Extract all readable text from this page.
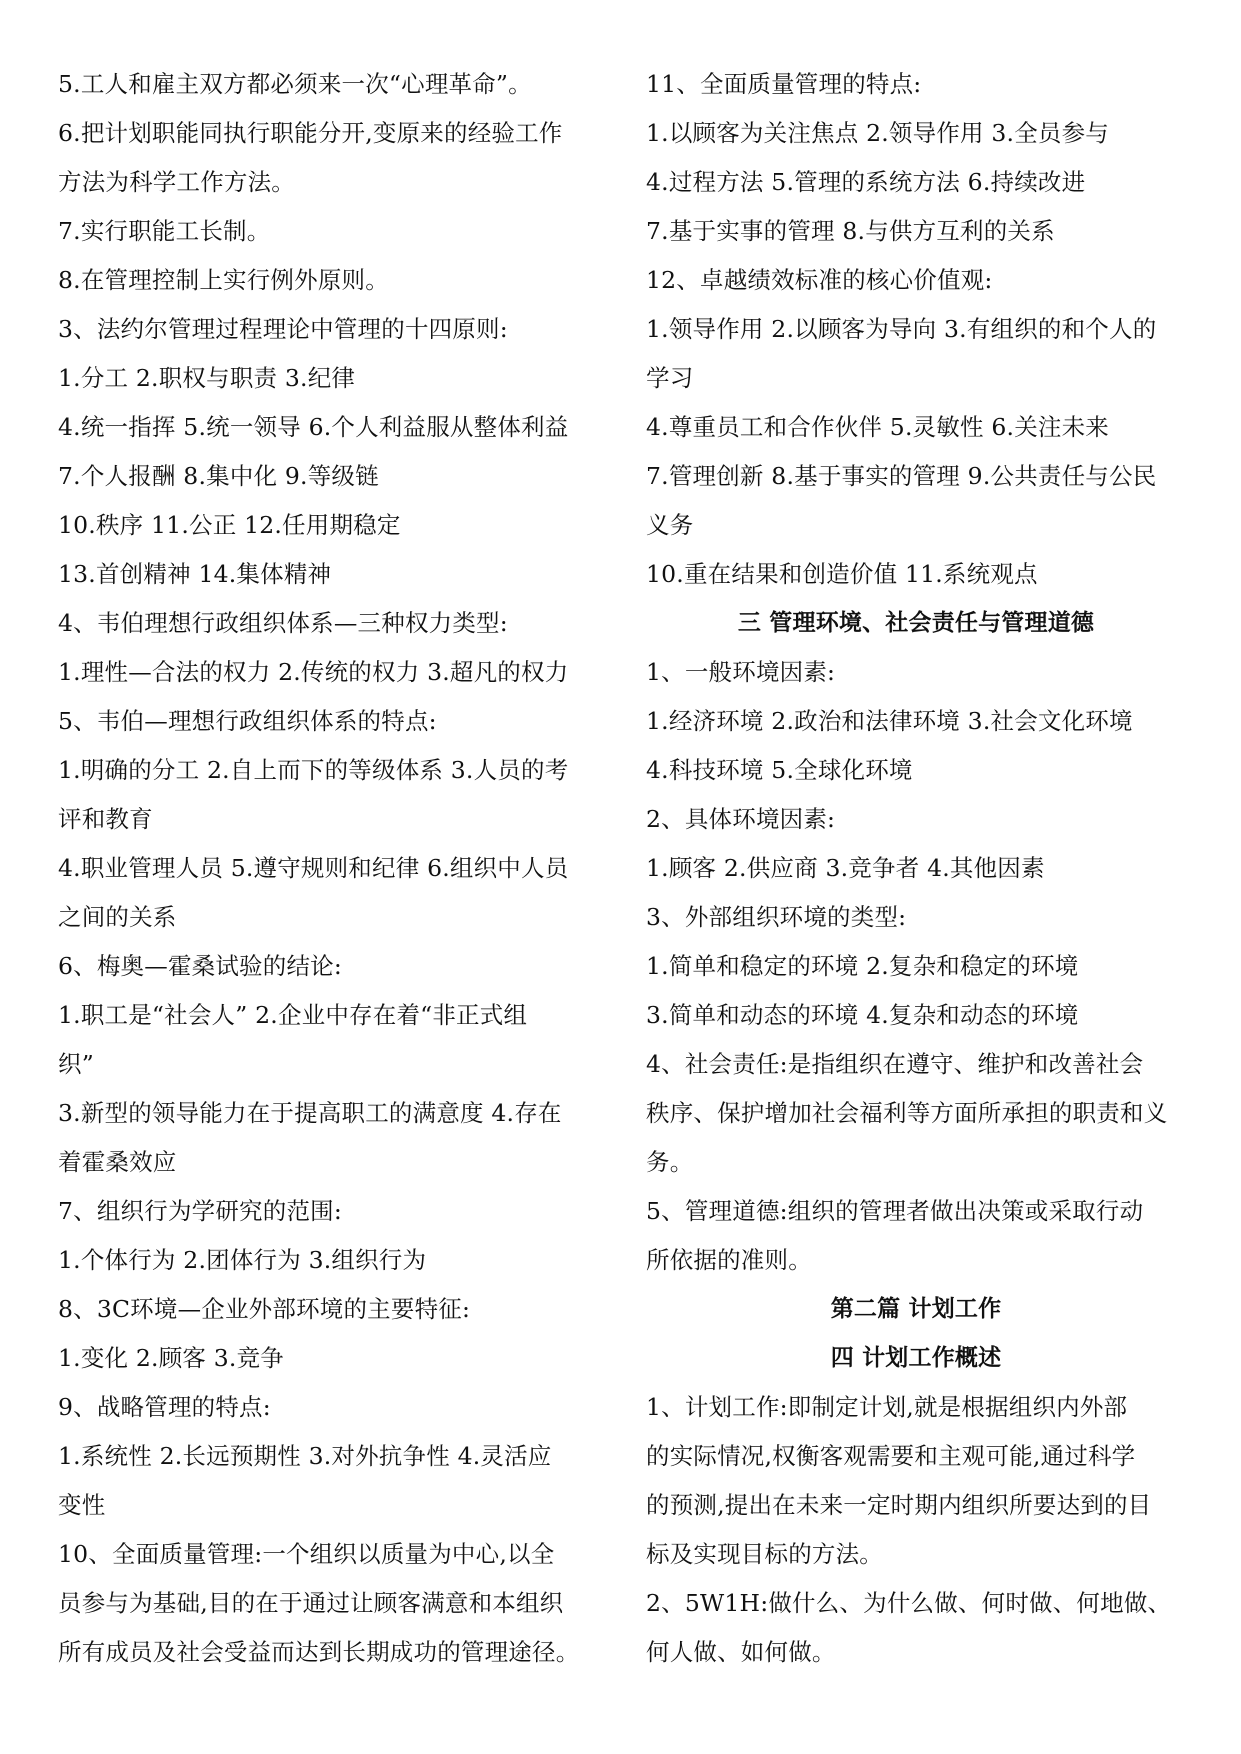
5.工人和雇主双方都必须来一次“心理革命”。
6.把计划职能同执行职能分开,变原来的经验工作
方法为科学工作方法。
7.实行职能工长制。
8.在管理控制上实行例外原则。
3、法约尔管理过程理论中管理的十四原则:
1.分工 2.职权与职责 3.纪律
4.统一指挥 5.统一领导 6.个人利益服从整体利益
7.个人报酬 8.集中化 9.等级链
10.秩序 11.公正 12.任用期稳定
13.首创精神 14.集体精神
4、韦伯理想行政组织体系—三种权力类型:
1.理性—合法的权力 2.传统的权力 3.超凡的权力
5、韦伯—理想行政组织体系的特点:
1.明确的分工 2.自上而下的等级体系 3.人员的考
评和教育
4.职业管理人员 5.遵守规则和纪律 6.组织中人员
之间的关系
6、梅奥—霍桑试验的结论:
1.职工是“社会人” 2.企业中存在着“非正式组
织”
3.新型的领导能力在于提高职工的满意度 4.存在
着霍桑效应
7、组织行为学研究的范围:
1.个体行为 2.团体行为 3.组织行为
8、3C环境—企业外部环境的主要特征:
1.变化 2.顾客 3.竞争
9、战略管理的特点:
1.系统性 2.长远预期性 3.对外抗争性 4.灵活应
变性
10、全面质量管理:一个组织以质量为中心,以全
员参与为基础,目的在于通过让顾客满意和本组织
所有成员及社会受益而达到长期成功的管理途径。
11、全面质量管理的特点:
1.以顾客为关注焦点 2.领导作用 3.全员参与
4.过程方法 5.管理的系统方法 6.持续改进
7.基于实事的管理 8.与供方互利的关系
12、卓越绩效标准的核心价值观:
1.领导作用 2.以顾客为导向 3.有组织的和个人的
学习
4.尊重员工和合作伙伴 5.灵敏性 6.关注未来
7.管理创新 8.基于事实的管理 9.公共责任与公民
义务
10.重在结果和创造价值 11.系统观点
三 管理环境、社会责任与管理道德
1、一般环境因素:
1.经济环境 2.政治和法律环境 3.社会文化环境
4.科技环境 5.全球化环境
2、具体环境因素:
1.顾客 2.供应商 3.竞争者 4.其他因素
3、外部组织环境的类型:
1.简单和稳定的环境 2.复杂和稳定的环境
3.简单和动态的环境 4.复杂和动态的环境
4、社会责任:是指组织在遵守、维护和改善社会
秩序、保护增加社会福利等方面所承担的职责和义
务。
5、管理道德:组织的管理者做出决策或采取行动
所依据的准则。
第二篇 计划工作
四 计划工作概述
1、计划工作:即制定计划,就是根据组织内外部
的实际情况,权衡客观需要和主观可能,通过科学
的预测,提出在未来一定时期内组织所要达到的目
标及实现目标的方法。
2、5W1H:做什么、为什么做、何时做、何地做、
何人做、如何做。
